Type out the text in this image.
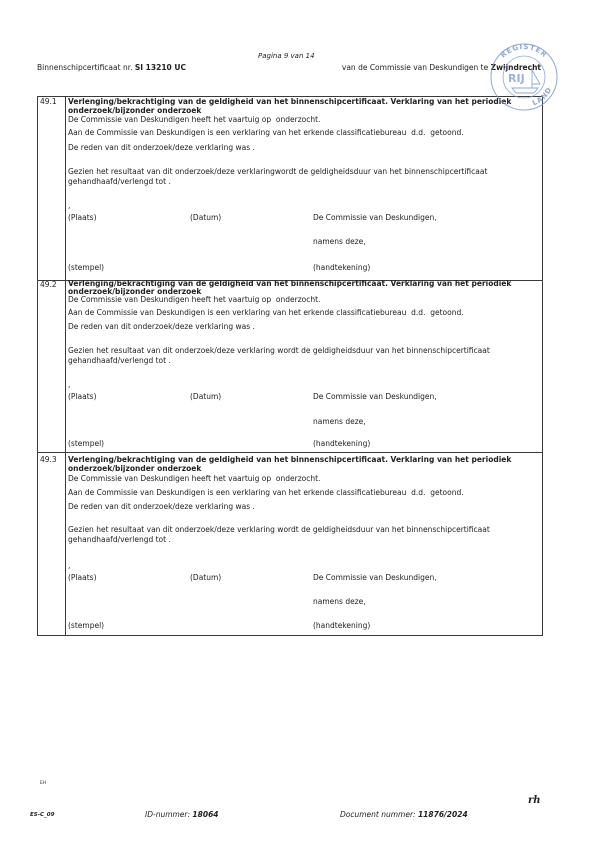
Pagina 9 van 14
Binnenschipcertificaat nr. SI 13210 UC	van de Commissie van Deskundigen te Zwijndrecht
49.1 Verlenging/bekrachtiging van de geldigheid van het binnenschipcertificaat. Verklaring van het periodiek
onderzoek/bijzonder onderzoek
De Commissie van Deskundigen heeft het vaartuig op  onderzocht.
Aan de Commissie van Deskundigen is een verklaring van het erkende classificatiebureau  d.d.  getoond.
De reden van dit onderzoek/deze verklaring was .
Gezien het resultaat van dit onderzoek/deze verklaringwordt de geldigheidsduur van het binnenschipcertificaat
gehandhaafd/verlengd tot .
,
(Plaats)	(Datum)	De Commissie van Deskundigen,
namens deze,
(stempel)	(handtekening)
49.2 Verlenging/bekrachtiging van de geldigheid van het binnenschipcertificaat. Verklaring van het periodiek
onderzoek/bijzonder onderzoek
De Commissie van Deskundigen heeft het vaartuig op  onderzocht.
Aan de Commissie van Deskundigen is een verklaring van het erkende classificatiebureau  d.d.  getoond.
De reden van dit onderzoek/deze verklaring was .
Gezien het resultaat van dit onderzoek/deze verklaring wordt de geldigheidsduur van het binnenschipcertificaat
gehandhaafd/verlengd tot .
,
(Plaats)	(Datum)	De Commissie van Deskundigen,
namens deze,
(stempel)	(handtekening)
49.3 Verlenging/bekrachtiging van de geldigheid van het binnenschipcertificaat. Verklaring van het periodiek
onderzoek/bijzonder onderzoek
De Commissie van Deskundigen heeft het vaartuig op  onderzocht.
Aan de Commissie van Deskundigen is een verklaring van het erkende classificatiebureau  d.d.  getoond.
De reden van dit onderzoek/deze verklaring was .
Gezien het resultaat van dit onderzoek/deze verklaring wordt de geldigheidsduur van het binnenschipcertificaat
gehandhaafd/verlengd tot .
,
(Plaats)	(Datum)	De Commissie van Deskundigen,
namens deze,
(stempel)	(handtekening)
REGISTER
LAND
RIJ
EH
ES-C_09	ID-nummer: 18064	Document nummer: 11876/2024
rh
